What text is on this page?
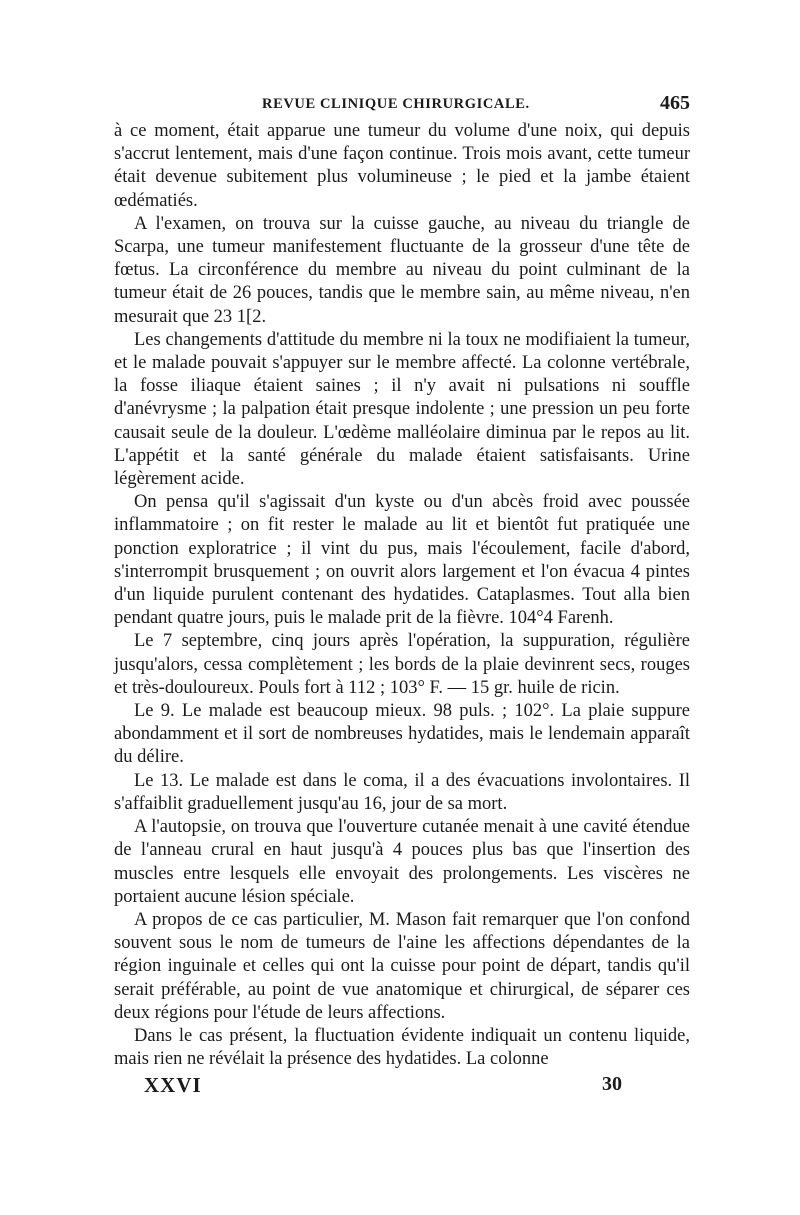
REVUE CLINIQUE CHIRURGICALE.	465

à ce moment, était apparue une tumeur du volume d'une noix, qui depuis s'accrut lentement, mais d'une façon continue. Trois mois avant, cette tumeur était devenue subitement plus volumineuse ; le pied et la jambe étaient œdématiés.

A l'examen, on trouva sur la cuisse gauche, au niveau du triangle de Scarpa, une tumeur manifestement fluctuante de la grosseur d'une tête de fœtus. La circonférence du membre au niveau du point culminant de la tumeur était de 26 pouces, tandis que le membre sain, au même niveau, n'en mesurait que 23 1[2.

Les changements d'attitude du membre ni la toux ne modifiaient la tumeur, et le malade pouvait s'appuyer sur le membre affecté. La colonne vertébrale, la fosse iliaque étaient saines ; il n'y avait ni pulsations ni souffle d'anévrysme ; la palpation était presque indolente ; une pression un peu forte causait seule de la douleur. L'œdème malléolaire diminua par le repos au lit. L'appétit et la santé générale du malade étaient satisfaisants. Urine légèrement acide.

On pensa qu'il s'agissait d'un kyste ou d'un abcès froid avec poussée inflammatoire ; on fit rester le malade au lit et bientôt fut pratiquée une ponction exploratrice ; il vint du pus, mais l'écoulement, facile d'abord, s'interrompit brusquement ; on ouvrit alors largement et l'on évacua 4 pintes d'un liquide purulent contenant des hydatides. Cataplasmes. Tout alla bien pendant quatre jours, puis le malade prit de la fièvre. 104°4 Farenh.

Le 7 septembre, cinq jours après l'opération, la suppuration, régulière jusqu'alors, cessa complètement ; les bords de la plaie devinrent secs, rouges et très-douloureux. Pouls fort à 112 ; 103° F. — 15 gr. huile de ricin.

Le 9. Le malade est beaucoup mieux. 98 puls. ; 102°. La plaie suppure abondamment et il sort de nombreuses hydatides, mais le lendemain apparaît du délire.

Le 13. Le malade est dans le coma, il a des évacuations involontaires. Il s'affaiblit graduellement jusqu'au 16, jour de sa mort.

A l'autopsie, on trouva que l'ouverture cutanée menait à une cavité étendue de l'anneau crural en haut jusqu'à 4 pouces plus bas que l'insertion des muscles entre lesquels elle envoyait des prolongements. Les viscères ne portaient aucune lésion spéciale.

A propos de ce cas particulier, M. Mason fait remarquer que l'on confond souvent sous le nom de tumeurs de l'aine les affections dépendantes de la région inguinale et celles qui ont la cuisse pour point de départ, tandis qu'il serait préférable, au point de vue anatomique et chirurgical, de séparer ces deux régions pour l'étude de leurs affections.

Dans le cas présent, la fluctuation évidente indiquait un contenu liquide, mais rien ne révélait la présence des hydatides. La colonne

XXVI	30
